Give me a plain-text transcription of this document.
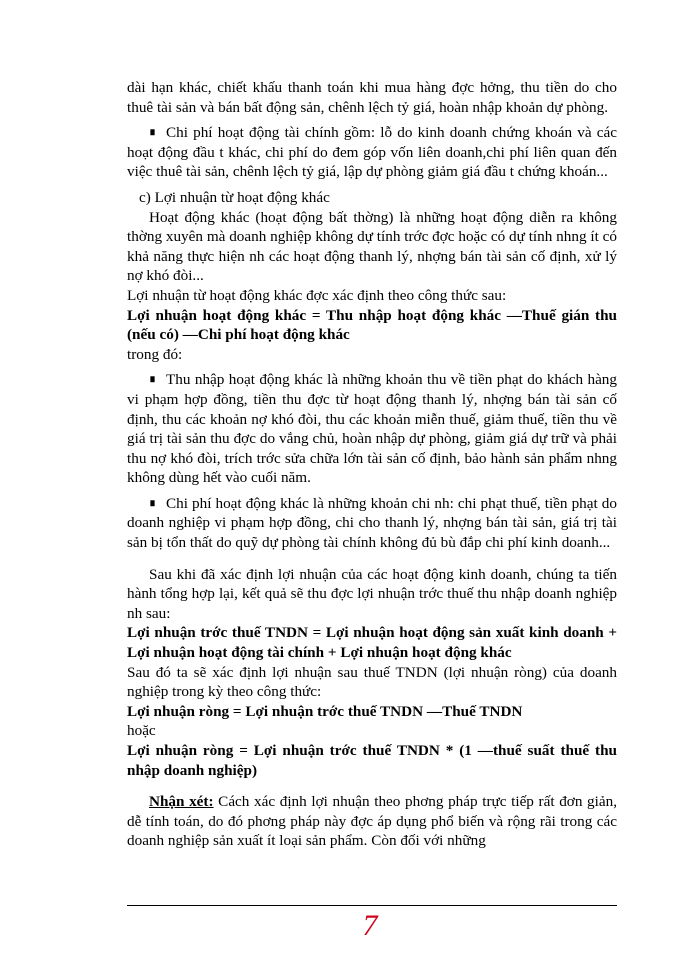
dài hạn khác, chiết khấu thanh toán khi mua hàng đợc hởng, thu tiền do cho thuê tài sản và bán bất động sản, chênh lệch tỷ giá, hoàn nhập khoản dự phòng.

∎ Chi phí hoạt động tài chính gồm: lỗ do kinh doanh chứng khoán và các hoạt động đầu t khác, chi phí do đem góp vốn liên doanh,chi phí liên quan đến việc thuê tài sản, chênh lệch tỷ giá, lập dự phòng giảm giá đầu t chứng khoán...

c) Lợi nhuận từ hoạt động khác

Hoạt động khác (hoạt động bất thờng) là những hoạt động diễn ra không thờng xuyên mà doanh nghiệp không dự tính trớc đợc hoặc có dự tính nhng ít có khả năng thực hiện nh các hoạt động thanh lý, nhợng bán tài sản cố định, xử lý nợ khó đòi...

Lợi nhuận từ hoạt động khác đợc xác định theo công thức sau:

Lợi nhuận hoạt động khác = Thu nhập hoạt động khác —Thuế gián thu (nếu có) —Chi phí hoạt động khác

trong đó:

∎ Thu nhập hoạt động khác là những khoản thu về tiền phạt do khách hàng vi phạm hợp đồng, tiền thu đợc từ hoạt động thanh lý, nhợng bán tài sản cố định, thu các khoản nợ khó đòi, thu các khoản miễn thuế, giảm thuế, tiền thu về giá trị tài sản thu đợc do vắng chủ, hoàn nhập dự phòng, giảm giá dự trữ và phải thu nợ khó đòi, trích trớc sửa chữa lớn tài sản cố định, bảo hành sản phẩm nhng không dùng hết vào cuối năm.

∎ Chi phí hoạt động khác là những khoản chi nh: chi phạt thuế, tiền phạt do doanh nghiệp vi phạm hợp đồng, chi cho thanh lý, nhợng bán tài sản, giá trị tài sản bị tổn thất do quỹ dự phòng tài chính không đủ bù đắp chi phí kinh doanh...

Sau khi đã xác định lợi nhuận của các hoạt động kinh doanh, chúng ta tiến hành tổng hợp lại, kết quả sẽ thu đợc lợi nhuận trớc thuế thu nhập doanh nghiệp nh sau:

Lợi nhuận trớc thuế TNDN = Lợi nhuận hoạt động sản xuất kinh doanh + Lợi nhuận hoạt động tài chính + Lợi nhuận hoạt động khác

Sau đó ta sẽ xác định lợi nhuận sau thuế TNDN (lợi nhuận ròng) của doanh nghiệp trong kỳ theo công thức:

Lợi nhuận ròng = Lợi nhuận trớc thuế TNDN —Thuế TNDN

hoặc

Lợi nhuận ròng = Lợi nhuận trớc thuế TNDN * (1 —thuế suất thuế thu nhập doanh nghiệp)

Nhận xét: Cách xác định lợi nhuận theo phơng pháp trực tiếp rất đơn giản, dễ tính toán, do đó phơng pháp này đợc áp dụng phổ biến và rộng rãi trong các doanh nghiệp sản xuất ít loại sản phẩm. Còn đối với những

7
